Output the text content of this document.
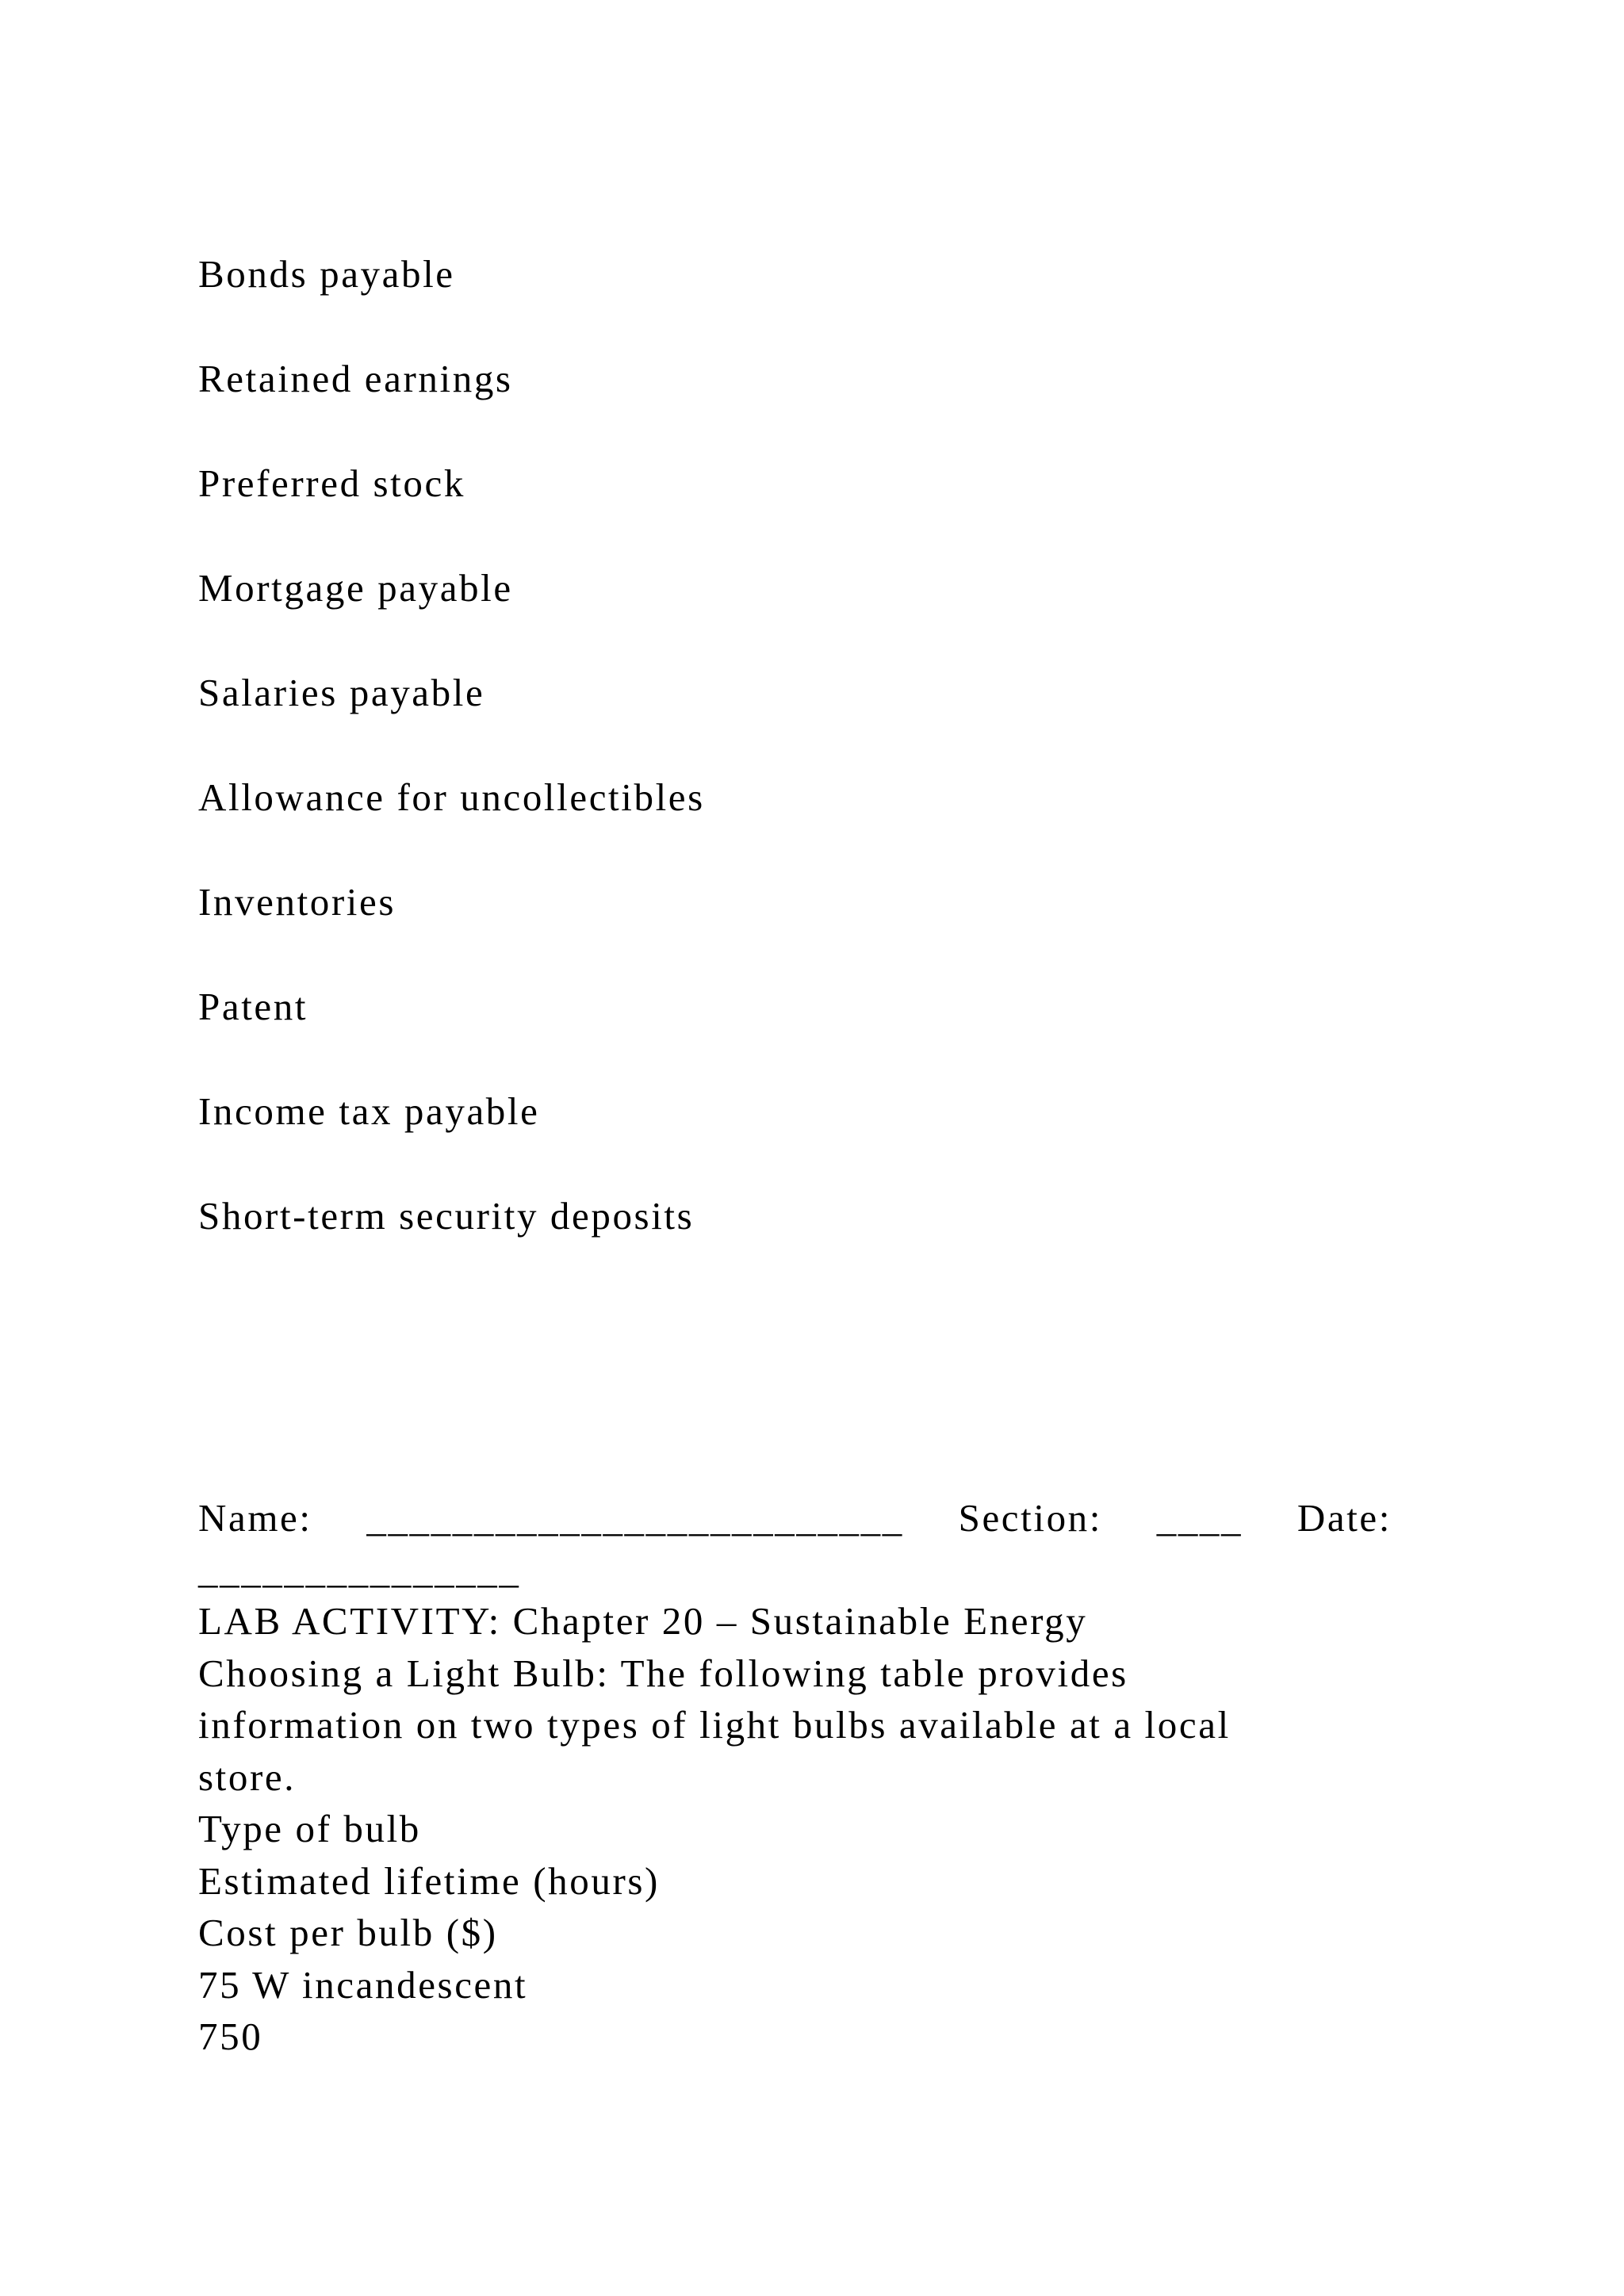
Bonds payable
Retained earnings
Preferred stock
Mortgage payable
Salaries payable
Allowance for uncollectibles
Inventories
Patent
Income tax payable
Short-term security deposits
Name: _________________________ Section: ____ Date: _______________
LAB ACTIVITY: Chapter 20 – Sustainable Energy
Choosing a Light Bulb: The following table provides
information on two types of light bulbs available at a local
store.
Type of bulb
Estimated lifetime (hours)
Cost per bulb ($)
75 W incandescent
750
